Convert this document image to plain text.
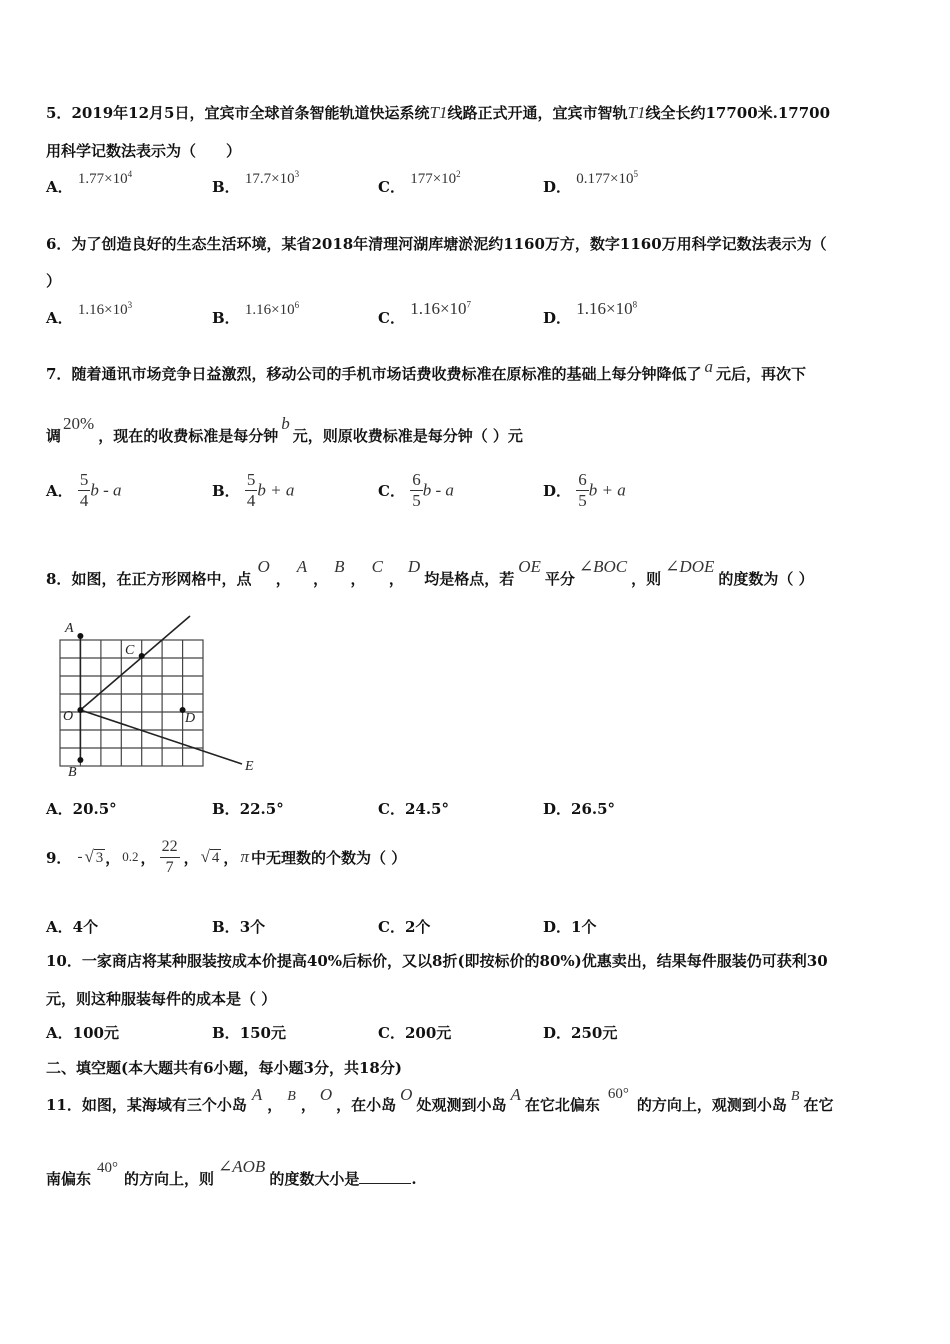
5．2019年12月5日，宜宾市全球首条智能轨道快运系统T1线路正式开通，宜宾市智轨T1线全长约17700米.17700
用科学记数法表示为（　　）
A． $1.77\times 10^4$
B． $17.7\times 10^3$
C． $177\times 10^2$
D． $0.177\times 10^5$
6．为了创造良好的生态生活环境，某省2018年清理河湖库塘淤泥约1160万方，数字1160万用科学记数法表示为（
）
A． $1.16\times 10^3$
B． $1.16\times 10^6$
C． $1.16\times 10^7$
D． $1.16\times 10^8$
7．随着通讯市场竞争日益激烈，移动公司的手机市场话费收费标准在原标准的基础上每分钟降低了 a 元后，再次下
调20%，现在的收费标准是每分钟b元，则原收费标准是每分钟（ ）元
A． $\frac{5}{4}$ b - a	B． $\frac{5}{4}$ b + a	C． $\frac{6}{5}$ b - a	D． $\frac{6}{5}$ b + a
8．如图，在正方形网格中，点O，A，B，C，D均是格点，若OE平分∠BOC，则∠DOE的度数为（ ）
A
C
O	D
B	E
A．20.5°	B．22.5°	C．24.5°	D．26.5°
9． - √ 3 ， 0.2 ， $\frac{22}{7}$ ， √ 4 ， π 中无理数的个数为（ ）
A．4个	B．3个	C．2个	D．1个
10．一家商店将某种服装按成本价提高40%后标价，又以8折(即按标价的80%)优惠卖出，结果每件服装仍可获利30
元，则这种服装每件的成本是（ ）
A．100元	B．150元	C．200元	D．250元
二、填空题(本大题共有6小题，每小题3分，共18分)
11．如图，某海域有三个小岛A， B ，O，在小岛O处观测到小岛A在它北偏东60°的方向上，观测到小岛 B 在它
南偏东40°的方向上，则∠AOB的度数大小是	.
